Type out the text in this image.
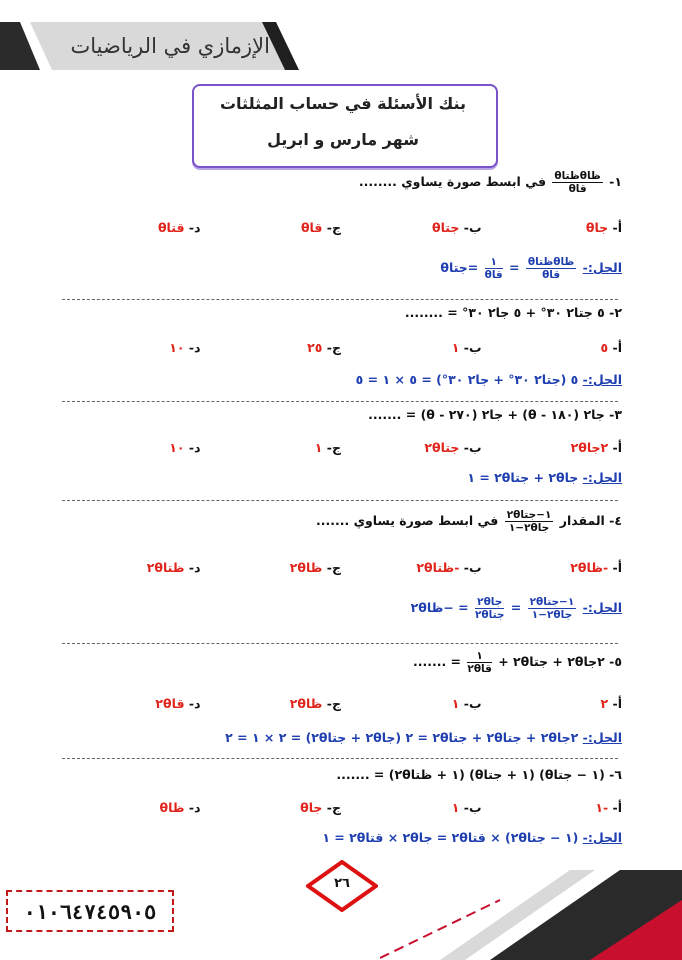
الإزمازي في الرياضيات
بنك الأسئلة في حساب المثلثات
شهر مارس و ابريل
١-
$\frac{\text{ظاθظتاθ}}{\text{قاθ}}$
في ابسط صورة يساوي ........
أ- جاθ
ب- جتاθ
ج- قاθ
د- قتاθ
الحل:-
$\frac{\text{ظاθظتاθ}}{\text{قاθ}}$
=
$\frac{١}{\text{قاθ}}$
=جتاθ
٢- ٥ جتا٢ ٣٠° + ٥ جا٢ ٣٠° = ........
أ- ٥
ب- ١
ج- ٢٥
د- ١٠
الحل:- ٥ (جتا٢ ٣٠° + جا٢ ٣٠°) = ٥ × ١ = ٥
٣- جا٢ (١٨٠ - θ) + جا٢ (٢٧٠ - θ) = .......
أ- ٢جا٢θ
ب- جتا٢θ
ج- ١
د- ١٠
الحل:- جا٢θ + جتا٢θ = ١
٤- المقدار
$\frac{\text{١−جتا٢θ}}{\text{جا٢θ−١}}$
في ابسط صورة يساوي .......
أ- -ظا٢θ
ب- -ظتا٢θ
ج- ظا٢θ
د- ظتا٢θ
الحل:-
$\frac{\text{١−جتا٢θ}}{\text{جا٢θ−١}}$
=
$\frac{\text{جا٢θ}}{\text{جتا٢θ}}$
= −ظا٢θ
٥- ٢جا٢θ + جتا٢θ +
$\frac{١}{\text{قا٢θ}}$
= .......
أ- ٢
ب- ١
ج- ظا٢θ
د- قا٢θ
الحل:- ٢جا٢θ + جتا٢θ + جتا٢θ = ٢ (جا٢θ + جتا٢θ) = ٢ × ١ = ٢
٦- (١ − جتاθ) (١ + جتاθ) (١ + ظتا٢θ) = .......
أ- -١
ب- ١
ج- جاθ
د- ظاθ
الحل:- (١ − جتا٢θ) × قتا٢θ = جا٢θ × قتا٢θ = ١
٢٦
٠١٠٦٤٧٤٥٩٠٥
